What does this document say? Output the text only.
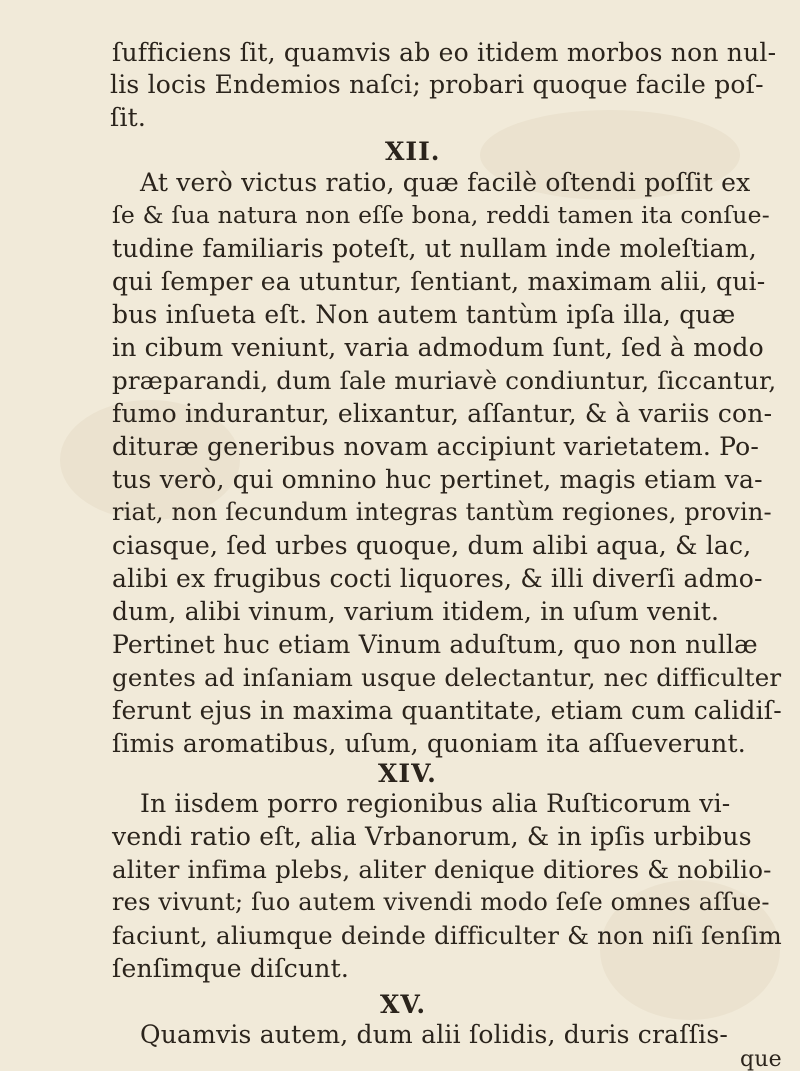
ſufficiens ſit, quamvis ab eo itidem morbos non nul-
lis locis Endemios naſci; probari quoque facile poſ-
ſit.
XII.
At verò victus ratio, quæ facilè oſtendi poſſit ex
ſe & ſua natura non eſſe bona, reddi tamen ita conſue-
tudine familiaris poteſt, ut nullam inde moleſtiam,
qui ſemper ea utuntur, ſentiant, maximam alii, qui-
bus inſueta eſt. Non autem tantùm ipſa illa, quæ
in cibum veniunt, varia admodum ſunt, ſed à modo
præparandi, dum ſale muriavè condiuntur, ſiccantur,
fumo indurantur, elixantur, aſſantur, & à variis con-
dituræ generibus novam accipiunt varietatem. Po-
tus verò, qui omnino huc pertinet, magis etiam va-
riat, non ſecundum integras tantùm regiones, provin-
ciasque, ſed urbes quoque, dum alibi aqua, & lac,
alibi ex frugibus cocti liquores, & illi diverſi admo-
dum, alibi vinum, varium itidem, in uſum venit.
Pertinet huc etiam Vinum aduſtum, quo non nullæ
gentes ad inſaniam usque delectantur, nec difficulter
ferunt ejus in maxima quantitate, etiam cum calidiſ-
ſimis aromatibus, uſum, quoniam ita aſſueverunt.
XIV.
In iisdem porro regionibus alia Ruſticorum vi-
vendi ratio eſt, alia Vrbanorum, & in ipſis urbibus
aliter infima plebs, aliter denique ditiores & nobilio-
res vivunt; ſuo autem vivendi modo ſeſe omnes aſſue-
faciunt, aliumque deinde difficulter & non niſi ſenſim
ſenſimque diſcunt.
XV.
Quamvis autem, dum alii ſolidis, duris craſſis-
que
